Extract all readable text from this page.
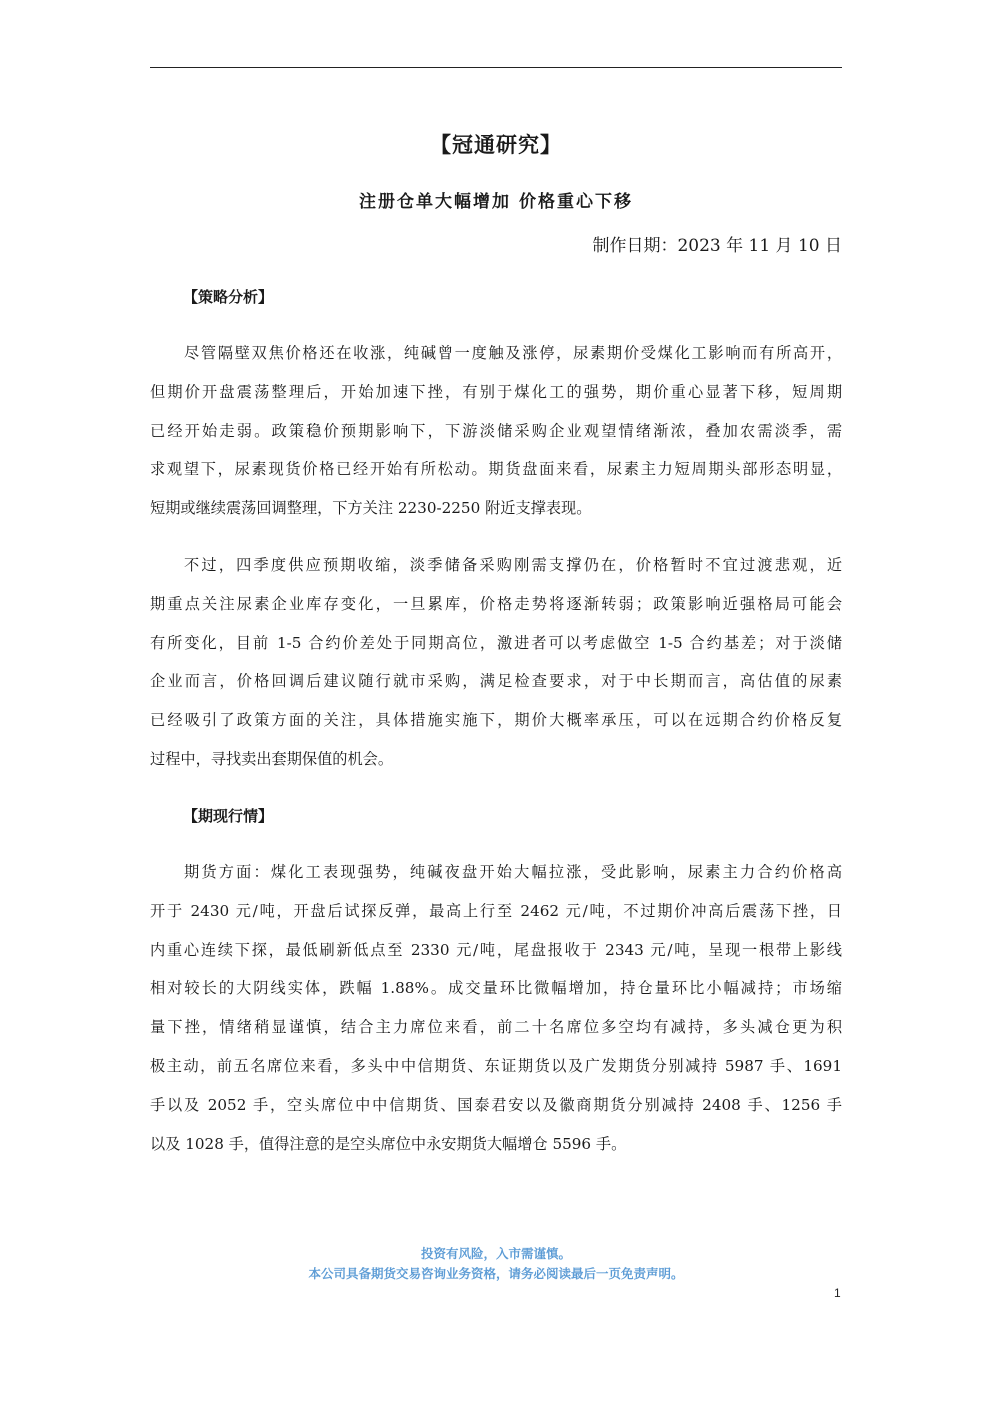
【冠通研究】
注册仓单大幅增加 价格重心下移
制作日期：2023 年 11 月 10 日
【策略分析】
尽管隔壁双焦价格还在收涨，纯碱曾一度触及涨停，尿素期价受煤化工影响而有所高开，
但期价开盘震荡整理后，开始加速下挫，有别于煤化工的强势，期价重心显著下移，短周期
已经开始走弱。政策稳价预期影响下，下游淡储采购企业观望情绪渐浓，叠加农需淡季，需
求观望下，尿素现货价格已经开始有所松动。期货盘面来看，尿素主力短周期头部形态明显，
短期或继续震荡回调整理，下方关注 2230-2250 附近支撑表现。
不过，四季度供应预期收缩，淡季储备采购刚需支撑仍在，价格暂时不宜过渡悲观，近
期重点关注尿素企业库存变化，一旦累库，价格走势将逐渐转弱；政策影响近强格局可能会
有所变化，目前 1-5 合约价差处于同期高位，激进者可以考虑做空 1-5 合约基差；对于淡储
企业而言，价格回调后建议随行就市采购，满足检查要求，对于中长期而言，高估值的尿素
已经吸引了政策方面的关注，具体措施实施下，期价大概率承压，可以在远期合约价格反复
过程中，寻找卖出套期保值的机会。
【期现行情】
期货方面：煤化工表现强势，纯碱夜盘开始大幅拉涨，受此影响，尿素主力合约价格高
开于 2430 元/吨，开盘后试探反弹，最高上行至 2462 元/吨，不过期价冲高后震荡下挫，日
内重心连续下探，最低刷新低点至 2330 元/吨，尾盘报收于 2343 元/吨，呈现一根带上影线
相对较长的大阴线实体，跌幅 1.88%。成交量环比微幅增加，持仓量环比小幅减持；市场缩
量下挫，情绪稍显谨慎，结合主力席位来看，前二十名席位多空均有减持，多头减仓更为积
极主动，前五名席位来看，多头中中信期货、东证期货以及广发期货分别减持 5987 手、1691
手以及 2052 手，空头席位中中信期货、国泰君安以及徽商期货分别减持 2408 手、1256 手
以及 1028 手，值得注意的是空头席位中永安期货大幅增仓 5596 手。
投资有风险，入市需谨慎。
本公司具备期货交易咨询业务资格，请务必阅读最后一页免责声明。
1
